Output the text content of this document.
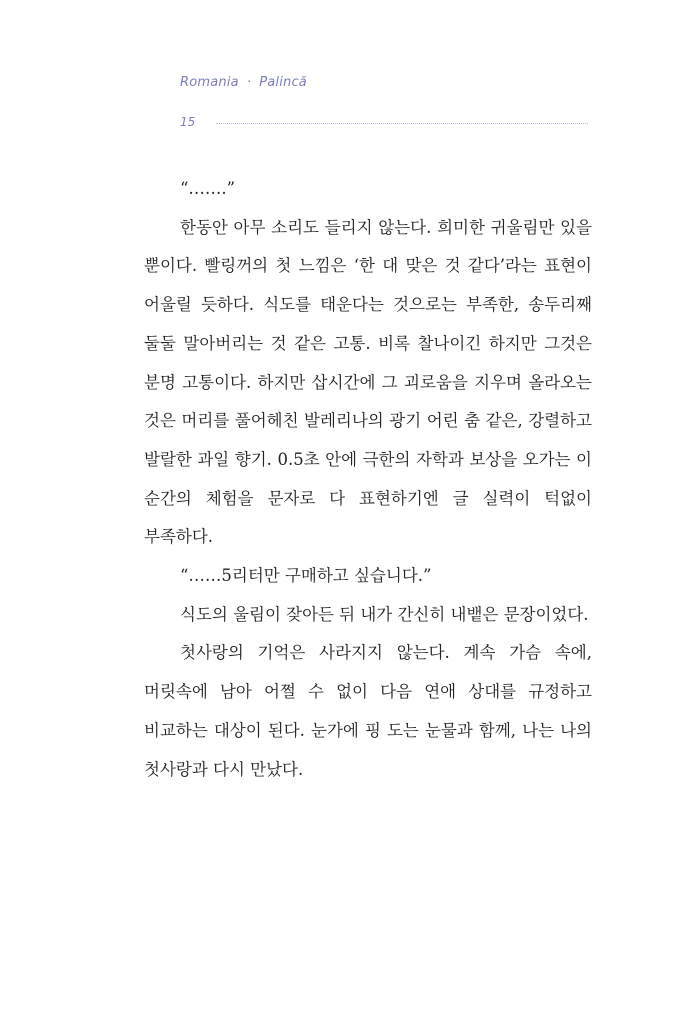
Romania · Palincă
15

“…….”

한동안 아무 소리도 들리지 않는다. 희미한 귀울림만 있을 뿐이다. 빨링꺼의 첫 느낌은 ‘한 대 맞은 것 같다’라는 표현이 어울릴 듯하다. 식도를 태운다는 것으로는 부족한, 송두리째 둘둘 말아버리는 것 같은 고통. 비록 찰나이긴 하지만 그것은 분명 고통이다. 하지만 삽시간에 그 괴로움을 지우며 올라오는 것은 머리를 풀어헤친 발레리나의 광기 어린 춤 같은, 강렬하고 발랄한 과일 향기. 0.5초 안에 극한의 자학과 보상을 오가는 이 순간의 체험을 문자로 다 표현하기엔 글 실력이 턱없이 부족하다.

“……5리터만 구매하고 싶습니다.”

식도의 울림이 잦아든 뒤 내가 간신히 내뱉은 문장이었다.

첫사랑의 기억은 사라지지 않는다. 계속 가슴 속에, 머릿속에 남아 어쩔 수 없이 다음 연애 상대를 규정하고 비교하는 대상이 된다. 눈가에 핑 도는 눈물과 함께, 나는 나의 첫사랑과 다시 만났다.
